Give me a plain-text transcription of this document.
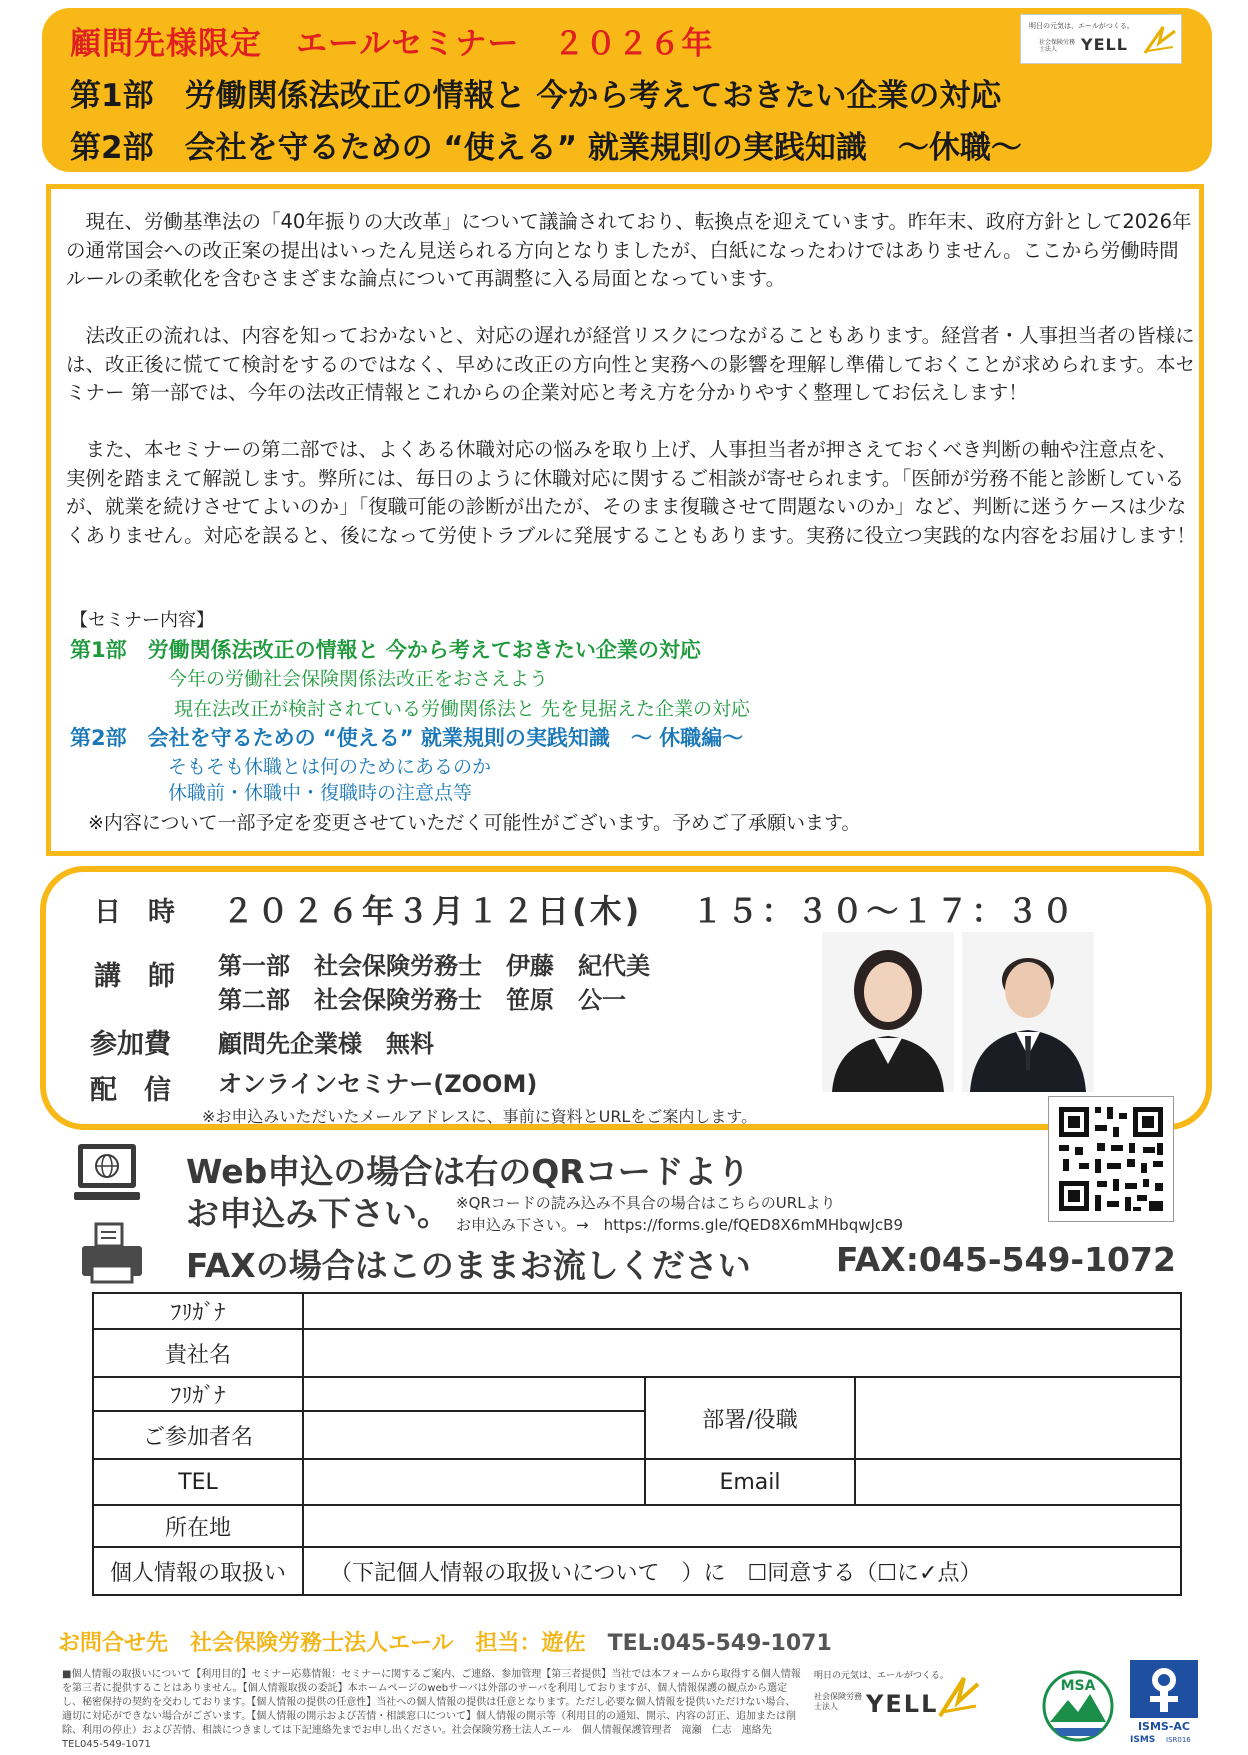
顧問先様限定 エールセミナー ２０２６年
第1部　労働関係法改正の情報と 今から考えておきたい企業の対応
第2部　会社を守るための “使える” 就業規則の実践知識　～休職～
明日の元気は、エールがつくる。
社会保険労務士法人	YELL
　現在、労働基準法の「40年振りの大改革」について議論されており、転換点を迎えています。昨年末、政府方針として2026年の通常国会への改正案の提出はいったん見送られる方向となりましたが、白紙になったわけではありません。ここから労働時間ルールの柔軟化を含むさまざまな論点について再調整に入る局面となっています。
　法改正の流れは、内容を知っておかないと、対応の遅れが経営リスクにつながることもあります。経営者・人事担当者の皆様には、改正後に慌てて検討をするのではなく、早めに改正の方向性と実務への影響を理解し準備しておくことが求められます。本セミナー 第一部では、今年の法改正情報とこれからの企業対応と考え方を分かりやすく整理してお伝えします！
　また、本セミナーの第二部では、よくある休職対応の悩みを取り上げ、人事担当者が押さえておくべき判断の軸や注意点を、実例を踏まえて解説します。弊所には、毎日のように休職対応に関するご相談が寄せられます。「医師が労務不能と診断しているが、就業を続けさせてよいのか」「復職可能の診断が出たが、そのまま復職させて問題ないのか」など、判断に迷うケースは少なくありません。対応を誤ると、後になって労使トラブルに発展することもあります。実務に役立つ実践的な内容をお届けします！
【セミナー内容】
第1部　労働関係法改正の情報と 今から考えておきたい企業の対応
今年の労働社会保険関係法改正をおさえよう
現在法改正が検討されている労働関係法と 先を見据えた企業の対応
第2部　会社を守るための “使える” 就業規則の実践知識　～ 休職編～
そもそも休職とは何のためにあるのか
休職前・休職中・復職時の注意点等
※内容について一部予定を変更させていただく可能性がございます。予めご了承願います。
日　時 ２０２６年３月１２日(木)　 １５：３０～１７：３０
講　師 第一部　社会保険労務士　伊藤　紀代美
第二部　社会保険労務士　笹原　公一
参加費 顧問先企業様　無料
配　信 オンラインセミナー(ZOOM)
※お申込みいただいたメールアドレスに、事前に資料とURLをご案内します。
Web申込の場合は右のQRコードより
お申込み下さい。 ※QRコードの読み込み不具合の場合はこちらのURLより
お申込み下さい。→　https://forms.gle/fQED8X6mMHbqwJcB9
FAXの場合はこのままお流しください	FAX:045-549-1072
ﾌﾘｶﾞﾅ			
貴社名			
ﾌﾘｶﾞﾅ		部署/役職	
ご参加者名			
TEL		Email	
所在地			
個人情報の取扱い	（下記個人情報の取扱いについて　）に　☐同意する（☐に✓点）		
お問合せ先　社会保険労務士法人エール　担当：遊佐　 TEL:045-549-1071
■個人情報の取扱いについて【利用目的】セミナー応募情報：セミナーに関するご案内、ご連絡、参加管理【第三者提供】当社では本フォームから取得する個人情報を第三者に提供することはありません。【個人情報取扱の委託】本ホームページのwebサーバは外部のサーバを利用しておりますが、個人情報保護の観点から選定し、秘密保持の契約を交わしております。【個人情報の提供の任意性】当社への個人情報の提供は任意となります。ただし必要な個人情報を提供いただけない場合、適切に対応ができない場合がございます。【個人情報の開示および苦情・相談窓口について】個人情報の開示等（利用目的の通知、開示、内容の訂正、追加または削除、利用の停止）および苦情、相談につきましては下記連絡先までお申し出ください。社会保険労務士法人エール　個人情報保護管理者　滝瀬　仁志　連絡先　TEL045-549-1071
明日の元気は、エールがつくる。
社会保険労務士法人	YELL
MSA
ISMS-AC
ISMS ISR016
